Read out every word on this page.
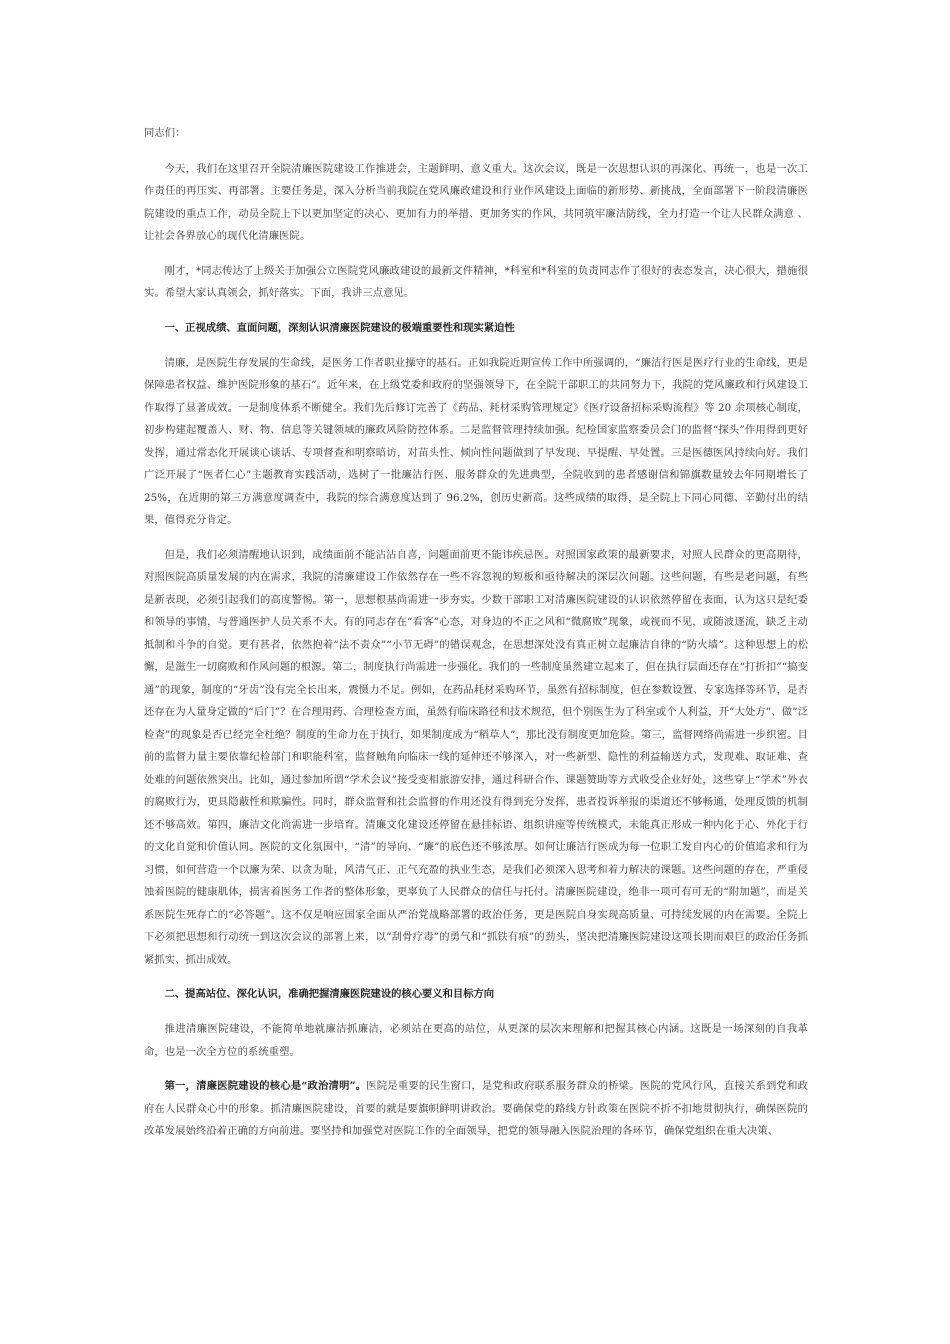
同志们：

今天，我们在这里召开全院清廉医院建设工作推进会，主题鲜明、意义重大。这次会议，既是一次思想认识的再深化、再统一，也是一次工作责任的再压实、再部署。主要任务是，深入分析当前我院在党风廉政建设和行业作风建设上面临的新形势、新挑战，全面部署下一阶段清廉医院建设的重点工作，动员全院上下以更加坚定的决心、更加有力的举措、更加务实的作风，共同筑牢廉洁防线，全力打造一个让人民群众满意 、让社会各界放心的现代化清廉医院。

刚才，*同志传达了上级关于加强公立医院党风廉政建设的最新文件精神，*科室和*科室的负责同志作了很好的表态发言，决心很大，措施很实。希望大家认真领会，抓好落实。下面，我讲三点意见。

一、正视成绩、直面问题，深刻认识清廉医院建设的极端重要性和现实紧迫性

清廉，是医院生存发展的生命线，是医务工作者职业操守的基石。正如我院近期宣传工作中所强调的，“廉洁行医是医疗行业的生命线，更是保障患者权益、维护医院形象的基石”。近年来，在上级党委和政府的坚强领导下，在全院干部职工的共同努力下，我院的党风廉政和行风建设工作取得了显著成效。一是制度体系不断健全。我们先后修订完善了《药品、耗材采购管理规定》《医疗设备招标采购流程》等 20 余项核心制度，初步构建起覆盖人、财、物、信息等关键领域的廉政风险防控体系。二是监督管理持续加强。纪检国家监察委员会门的监督“探头”作用得到更好发挥，通过常态化开展谈心谈话、专项督查和明察暗访，对苗头性、倾向性问题做到了早发现、早提醒、早处置。三是医德医风持续向好。我们广泛开展了“医者仁心”主题教育实践活动，选树了一批廉洁行医、服务群众的先进典型，全院收到的患者感谢信和锦旗数量较去年同期增长了 25%，在近期的第三方满意度调查中，我院的综合满意度达到了 96.2%，创历史新高。这些成绩的取得，是全院上下同心同德、辛勤付出的结果，值得充分肯定。

但是，我们必须清醒地认识到，成绩面前不能沾沾自喜，问题面前更不能讳疾忌医。对照国家政策的最新要求，对照人民群众的更高期待，对照医院高质量发展的内在需求，我院的清廉建设工作依然存在一些不容忽视的短板和亟待解决的深层次问题。这些问题，有些是老问题，有些是新表现，必须引起我们的高度警惕。第一，思想根基尚需进一步夯实。少数干部职工对清廉医院建设的认识依然停留在表面，认为这只是纪委和领导的事情，与普通医护人员关系不大。有的同志存在“看客”心态，对身边的不正之风和“微腐败”现象，或视而不见，或随波逐流，缺乏主动抵制和斗争的自觉。更有甚者，依然抱着“法不责众”“小节无碍”的错误观念，在思想深处没有真正树立起廉洁自律的“防火墙”。这种思想上的松懈，是滋生一切腐败和作风问题的根源。第二，制度执行尚需进一步强化。我们的一些制度虽然建立起来了，但在执行层面还存在“打折扣”“搞变通”的现象，制度的“牙齿”没有完全长出来，震慑力不足。例如，在药品耗材采购环节，虽然有招标制度，但在参数设置、专家选择等环节，是否还存在为人量身定做的“后门”？在合理用药、合理检查方面，虽然有临床路径和技术规范，但个别医生为了科室或个人利益，开“大处方”、做“泛检查”的现象是否已经完全杜绝？制度的生命力在于执行，如果制度成为“稻草人”，那比没有制度更加危险。第三，监督网络尚需进一步织密。目前的监督力量主要依靠纪检部门和职能科室，监督触角向临床一线的延伸还不够深入，对一些新型、隐性的利益输送方式，发现难、取证难、查处难的问题依然突出。比如，通过参加所谓“学术会议”接受变相旅游安排，通过科研合作、课题赞助等方式收受企业好处，这些穿上“学术”外衣的腐败行为，更具隐蔽性和欺骗性。同时，群众监督和社会监督的作用还没有得到充分发挥，患者投诉举报的渠道还不够畅通，处理反馈的机制还不够高效。第四，廉洁文化尚需进一步培育。清廉文化建设还停留在悬挂标语、组织讲座等传统模式，未能真正形成一种内化于心、外化于行的文化自觉和价值认同。医院的文化氛围中，“清”的导向、“廉”的底色还不够浓厚。如何让廉洁行医成为每一位职工发自内心的价值追求和行为习惯，如何营造一个以廉为荣、以贪为耻，风清气正、正气充盈的执业生态，是我们必须深入思考和着力解决的课题。这些问题的存在，严重侵蚀着医院的健康肌体，损害着医务工作者的整体形象，更辜负了人民群众的信任与托付。清廉医院建设，绝非一项可有可无的“附加题”，而是关系医院生死存亡的“必答题”。这不仅是响应国家全面从严治党战略部署的政治任务，更是医院自身实现高质量、可持续发展的内在需要。全院上下必须把思想和行动统一到这次会议的部署上来，以“刮骨疗毒”的勇气和“抓铁有痕”的劲头，坚决把清廉医院建设这项长期而艰巨的政治任务抓紧抓实、抓出成效。

二、提高站位、深化认识，准确把握清廉医院建设的核心要义和目标方向

推进清廉医院建设，不能简单地就廉洁抓廉洁，必须站在更高的站位，从更深的层次来理解和把握其核心内涵。这既是一场深刻的自我革命，也是一次全方位的系统重塑。

第一，清廉医院建设的核心是“政治清明”。医院是重要的民生窗口，是党和政府联系服务群众的桥梁。医院的党风行风，直接关系到党和政府在人民群众心中的形象。抓清廉医院建设，首要的就是要旗帜鲜明讲政治。要确保党的路线方针政策在医院不折不扣地贯彻执行，确保医院的改革发展始终沿着正确的方向前进。要坚持和加强党对医院工作的全面领导，把党的领导融入医院治理的各环节，确保党组织在重大决策、
